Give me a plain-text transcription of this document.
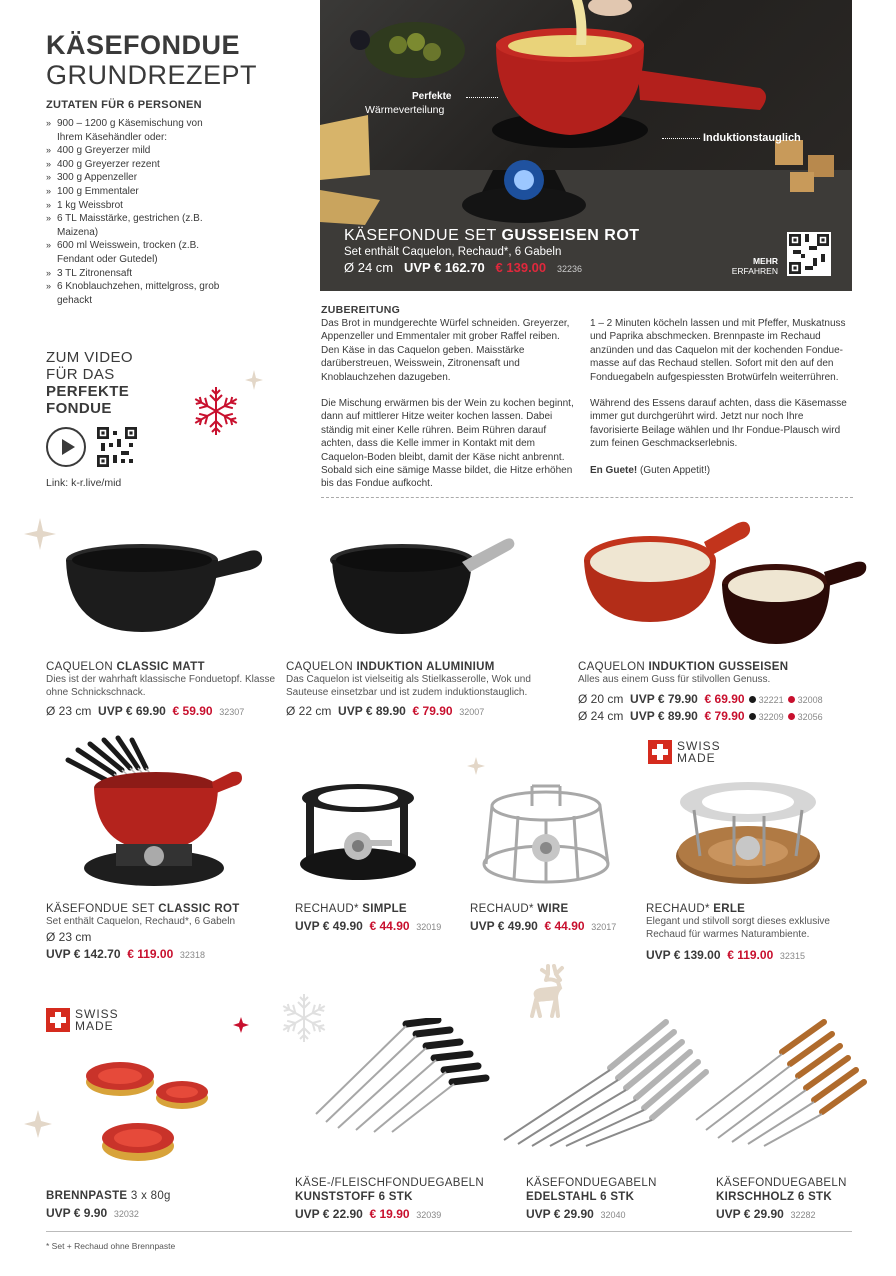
KÄSEFONDUE
GRUNDREZEPT
ZUTATEN FÜR 6 PERSONEN
» 900 – 1200 g Käsemischung von Ihrem Käsehändler oder:
» 400 g Greyerzer mild
» 400 g Greyerzer rezent
» 300 g Appenzeller
» 100 g Emmentaler
» 1 kg Weissbrot
» 6 TL Maisstärke, gestrichen (z.B. Maizena)
» 600 ml Weisswein, trocken (z.B. Fendant oder Gutedel)
» 3 TL Zitronensaft
» 6 Knoblauchzehen, mittelgross, grob gehackt
ZUM VIDEO
FÜR DAS
PERFEKTE
FONDUE
Link: k-r.live/mid
Perfekte
Wärmeverteilung
Induktionstauglich
KÄSEFONDUE SET GUSSEISEN ROT
Set enthält Caquelon, Rechaud*, 6 Gabeln
Ø 24 cm UVP € 162.70 € 139.00 32236
MEHR
ERFAHREN
ZUBEREITUNG

Das Brot in mundgerechte Würfel schneiden. Greyerzer, Appenzeller und Emmentaler mit grober Raffel reiben. Den Käse in das Caquelon geben. Maisstärke darüberstreuen, Weisswein, Zitronensaft und Knoblauchzehen dazugeben.

Die Mischung erwärmen bis der Wein zu kochen beginnt, dann auf mittlerer Hitze weiter kochen lassen. Dabei ständig mit einer Kelle rühren. Beim Rühren darauf achten, dass die Kelle immer in Kontakt mit dem Caquelon-Boden bleibt, damit der Käse nicht anbrennt. Sobald sich eine sämige Masse bildet, die Hitze erhöhen bis das Fondue aufkocht.

1 – 2 Minuten köcheln lassen und mit Pfeffer, Muskatnuss und Paprika abschmecken. Brennpaste im Rechaud anzünden und das Caquelon mit der kochenden Fondue- masse auf das Rechaud stellen. Sofort mit den auf den Fonduegabeln aufgespiessten Brotwürfeln weiterrühren.

Während des Essens darauf achten, dass die Käsemasse immer gut durchgerührt wird. Jetzt nur noch Ihre favorisierte Beilage wählen und Ihr Fondue-Plausch wird zum feinen Geschmackserlebnis.

En Guete! (Guten Appetit!)

CAQUELON CLASSIC MATT
Dies ist der wahrhaft klassische Fonduetopf. Klasse ohne Schnickschnack.
Ø 23 cm UVP € 69.90 € 59.90 32307
CAQUELON INDUKTION ALUMINIUM
Das Caquelon ist vielseitig als Stielkasserolle, Wok und Sauteuse einsetzbar und ist zudem induktionstauglich.
Ø 22 cm UVP € 89.90 € 79.90 32007
CAQUELON INDUKTION GUSSEISEN
Alles aus einem Guss für stilvollen Genuss.
Ø 20 cm UVP € 79.90 € 69.90 32221 32008
Ø 24 cm UVP € 89.90 € 79.90 32209 32056
SWISS
MADE
KÄSEFONDUE SET CLASSIC ROT
Set enthält Caquelon, Rechaud*, 6 Gabeln
Ø 23 cm
UVP € 142.70 € 119.00 32318
RECHAUD* SIMPLE
UVP € 49.90 € 44.90 32019
RECHAUD* WIRE
UVP € 49.90 € 44.90 32017
RECHAUD* ERLE
Elegant und stilvoll sorgt dieses exklusive Rechaud für warmes Naturambiente.
UVP € 139.00 € 119.00 32315
SWISS
MADE
BRENNPASTE 3 x 80g
UVP € 9.90 32032
KÄSE-/FLEISCHFONDUEGABELN
KUNSTSTOFF 6 STK
UVP € 22.90 € 19.90 32039
KÄSEFONDUEGABELN
EDELSTAHL 6 STK
UVP € 29.90 32040
KÄSEFONDUEGABELN
KIRSCHHOLZ 6 STK
UVP € 29.90 32282
* Set + Rechaud ohne Brennpaste
